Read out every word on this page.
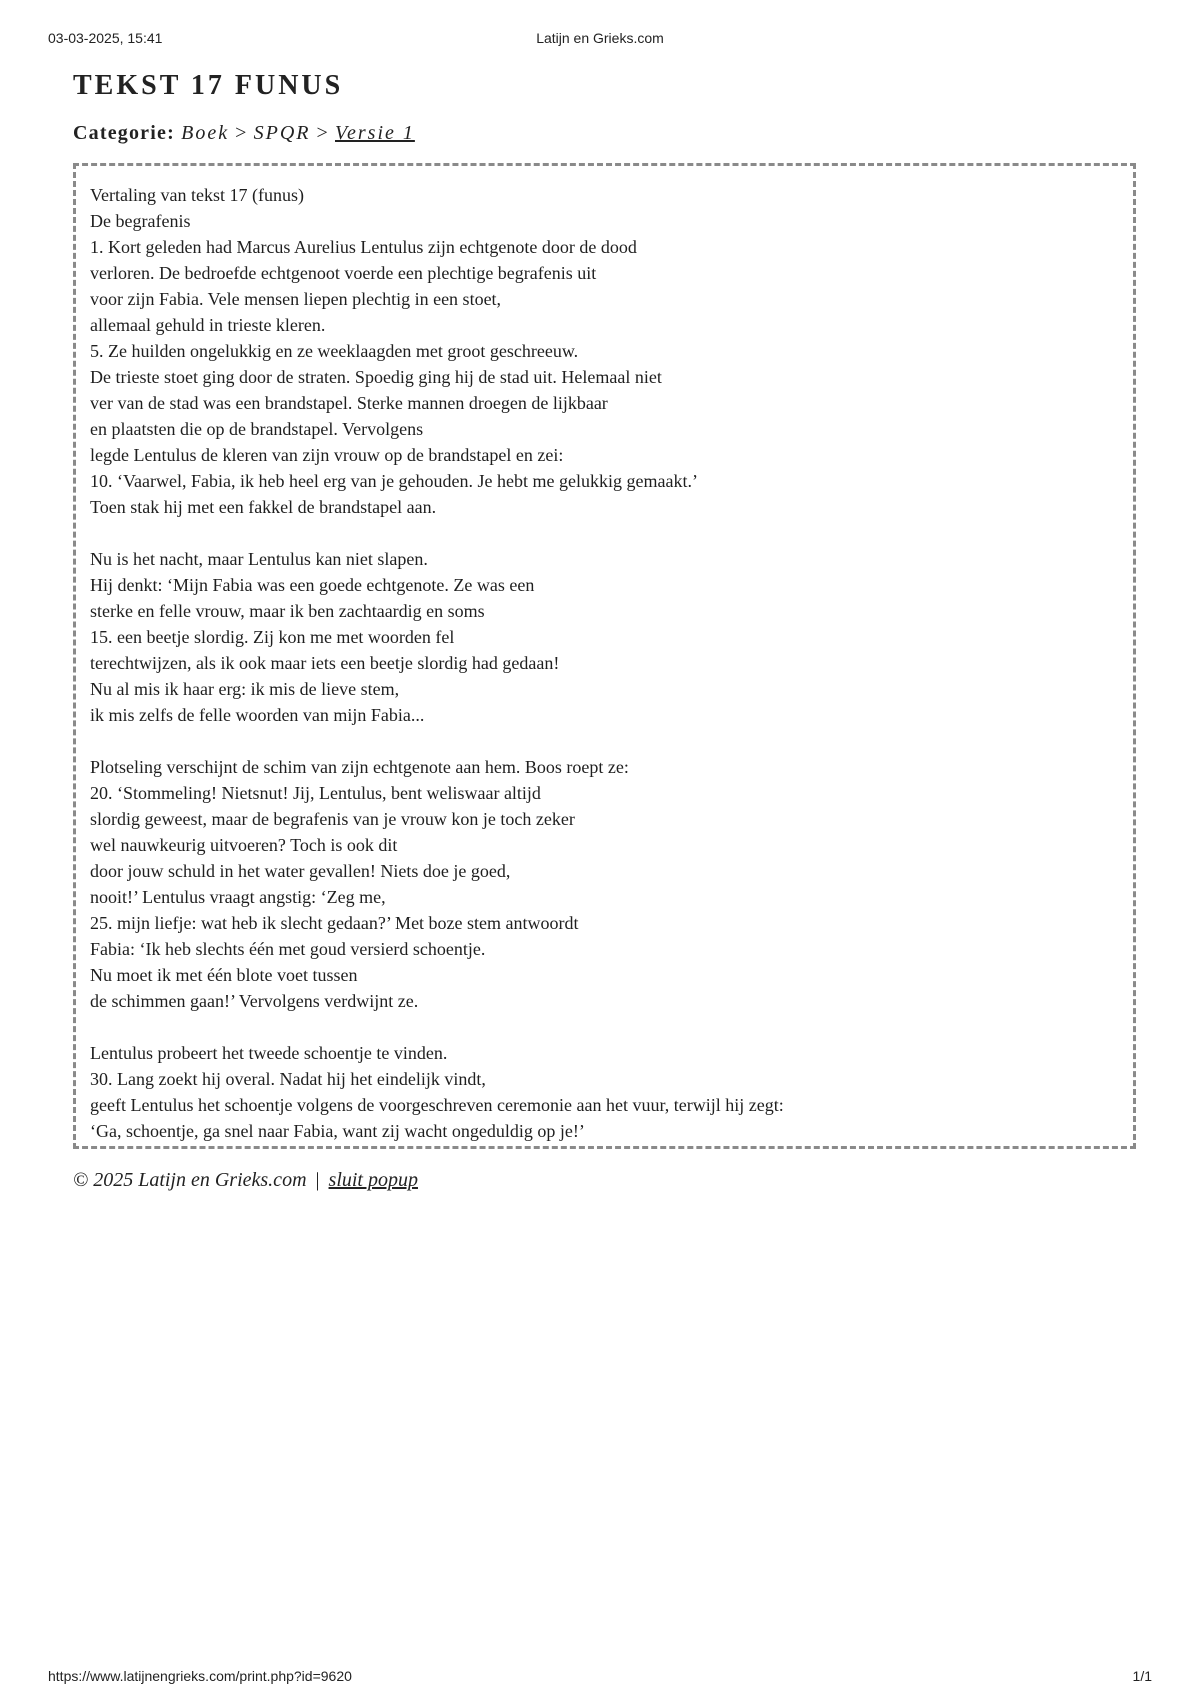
03-03-2025, 15:41	Latijn en Grieks.com
TEKST 17 FUNUS
Categorie: Boek > SPQR > Versie 1
Vertaling van tekst 17 (funus)
De begrafenis
1. Kort geleden had Marcus Aurelius Lentulus zijn echtgenote door de dood
verloren. De bedroefde echtgenoot voerde een plechtige begrafenis uit
voor zijn Fabia. Vele mensen liepen plechtig in een stoet,
allemaal gehuld in trieste kleren.
5. Ze huilden ongelukkig en ze weeklaagden met groot geschreeuw.
De trieste stoet ging door de straten. Spoedig ging hij de stad uit. Helemaal niet
ver van de stad was een brandstapel. Sterke mannen droegen de lijkbaar
en plaatsten die op de brandstapel. Vervolgens
legde Lentulus de kleren van zijn vrouw op de brandstapel en zei:
10. ‘Vaarwel, Fabia, ik heb heel erg van je gehouden. Je hebt me gelukkig gemaakt.’
Toen stak hij met een fakkel de brandstapel aan.
Nu is het nacht, maar Lentulus kan niet slapen.
Hij denkt: ‘Mijn Fabia was een goede echtgenote. Ze was een
sterke en felle vrouw, maar ik ben zachtaardig en soms
15. een beetje slordig. Zij kon me met woorden fel
terechtwijzen, als ik ook maar iets een beetje slordig had gedaan!
Nu al mis ik haar erg: ik mis de lieve stem,
ik mis zelfs de felle woorden van mijn Fabia...
Plotseling verschijnt de schim van zijn echtgenote aan hem. Boos roept ze:
20. ‘Stommeling! Nietsnut! Jij, Lentulus, bent weliswaar altijd
slordig geweest, maar de begrafenis van je vrouw kon je toch zeker
wel nauwkeurig uitvoeren? Toch is ook dit
door jouw schuld in het water gevallen! Niets doe je goed,
nooit!’ Lentulus vraagt angstig: ‘Zeg me,
25. mijn liefje: wat heb ik slecht gedaan?’ Met boze stem antwoordt
Fabia: ‘Ik heb slechts één met goud versierd schoentje.
Nu moet ik met één blote voet tussen
de schimmen gaan!’ Vervolgens verdwijnt ze.
Lentulus probeert het tweede schoentje te vinden.
30. Lang zoekt hij overal. Nadat hij het eindelijk vindt,
geeft Lentulus het schoentje volgens de voorgeschreven ceremonie aan het vuur, terwijl hij zegt:
‘Ga, schoentje, ga snel naar Fabia, want zij wacht ongeduldig op je!’
© 2025 Latijn en Grieks.com | sluit popup
https://www.latijnengrieks.com/print.php?id=9620	1/1
